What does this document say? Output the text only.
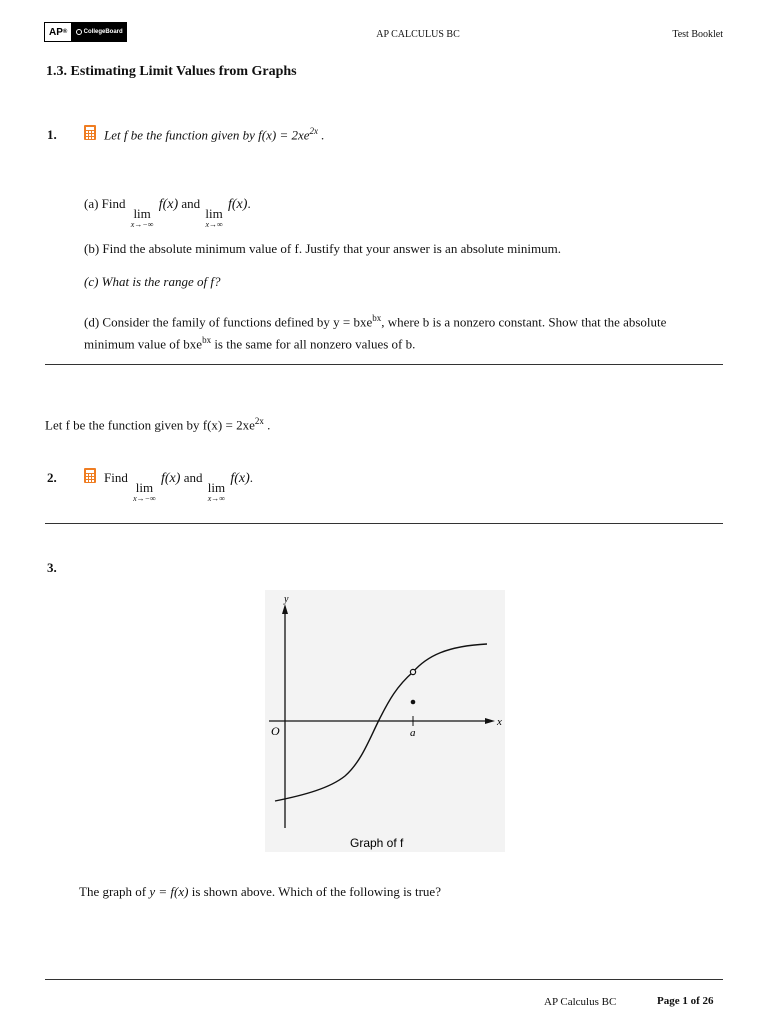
AP ®	CollegeBoard	AP CALCULUS BC	Test Booklet
1.3. Estimating Limit Values from Graphs
1.	Let f be the function given by $f(x) = 2xe^{2x}$ .
(a) Find
lim
x→−∞
f(x) and
lim
x→∞
f(x).
(b) Find the absolute minimum value of f. Justify that your answer is an absolute minimum.
(c) What is the range of f?
(d) Consider the family of functions defined by y = bxe$^{bx}$, where b is a nonzero constant. Show that the absolute
minimum value of bxe$^{bx}$ is the same for all nonzero values of b.
Let f be the function given by $f(x) = 2xe^{2x}$ .
2.	Find
lim
x→−∞
f(x) and
lim
x→∞
f(x).
3.
y
x
O	a
Graph of f
The graph of y = f(x) is shown above. Which of the following is true?
AP Calculus BC	Page 1 of 26
